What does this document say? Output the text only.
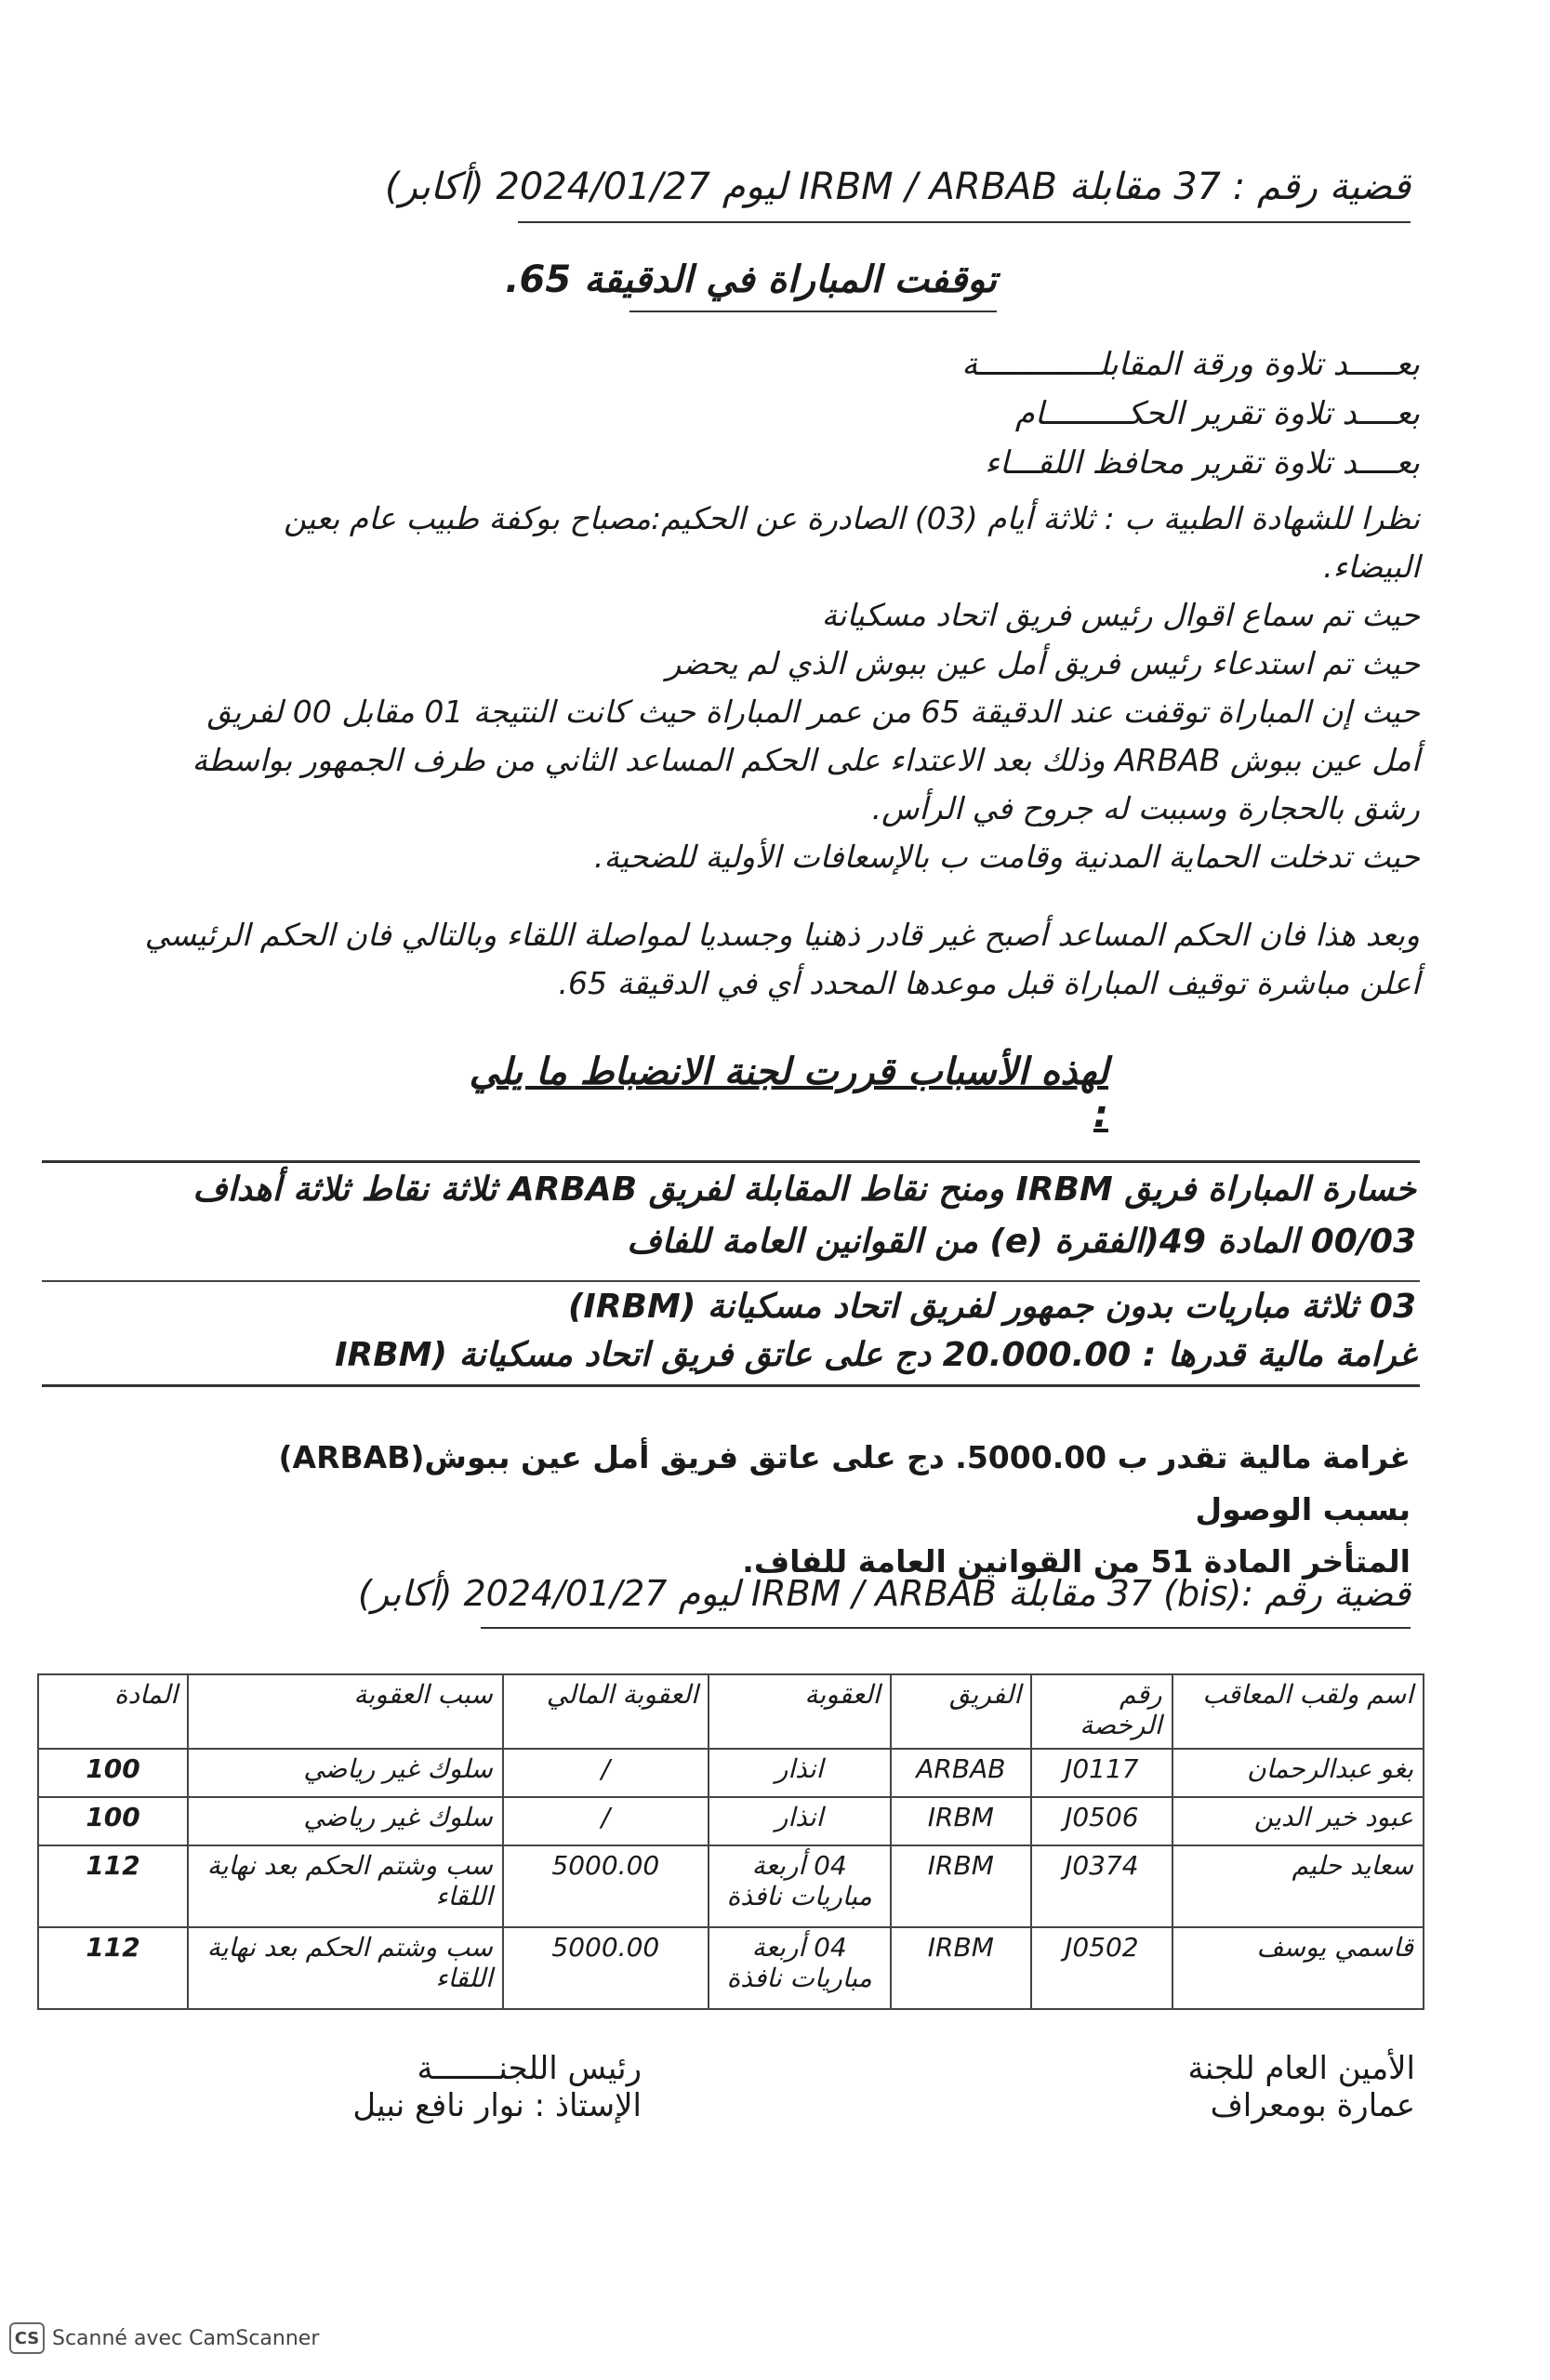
قضية رقم : 37 مقابلة IRBM / ARBAB ليوم 2024/01/27 (أكابر)
توقفت المباراة في الدقيقة 65.
بعـــــد تلاوة ورقة المقابلـــــــــــــة
بعــــد تلاوة تقرير الحكـــــــــام
بعــــد تلاوة تقرير محافظ اللقـــاء
نظرا للشهادة الطبية ب : ثلاثة أيام (03) الصادرة عن الحكيم:مصباح بوكفة طبيب عام بعين
البيضاء.
حيث تم سماع اقوال رئيس فريق اتحاد مسكيانة
حيث تم استدعاء رئيس فريق أمل عين ببوش الذي لم يحضر
حيث إن المباراة توقفت عند الدقيقة 65 من عمر المباراة حيث كانت النتيجة 01 مقابل 00 لفريق
أمل عين ببوش ARBAB وذلك بعد الاعتداء على الحكم المساعد الثاني من طرف الجمهور بواسطة
رشق بالحجارة وسببت له جروح في الرأس.
حيث تدخلت الحماية المدنية وقامت ب بالإسعافات الأولية للضحية.
وبعد هذا فان الحكم المساعد أصبح غير قادر ذهنيا وجسديا لمواصلة اللقاء وبالتالي فان الحكم الرئيسي
أعلن مباشرة توقيف المباراة قبل موعدها المحدد أي في الدقيقة 65.
لهذه الأسباب قررت لجنة الانضباط ما يلي :
خسارة المباراة فريق IRBM ومنح نقاط المقابلة لفريق ARBAB ثلاثة نقاط ثلاثة أهداف
00/03 المادة 49(الفقرة (e) من القوانين العامة للفاف
03 ثلاثة مباريات بدون جمهور لفريق اتحاد مسكيانة (IRBM)
غرامة مالية قدرها : 20.000.00 دج على عاتق فريق اتحاد مسكيانة (IRBM
غرامة مالية تقدر ب 5000.00. دج على عاتق فريق أمل عين ببوش(ARBAB) بسبب الوصول
المتأخر المادة 51 من القوانين العامة للفاف.
قضية رقم :(bis) 37 مقابلة IRBM / ARBAB ليوم 2024/01/27 (أكابر)
اسم ولقب المعاقب	رقم الرخصة	الفريق	العقوبة	العقوبة المالي	سبب العقوبة	المادة
بغو عبدالرحمان	J0117	ARBAB	انذار	/	سلوك غير رياضي	100
عبود خير الدين	J0506	IRBM	انذار	/	سلوك غير رياضي	100
سعايد حليم	J0374	IRBM	04 أربعة مباريات نافذة	5000.00	سب وشتم الحكم بعد نهاية اللقاء	112
قاسمي يوسف	J0502	IRBM	04 أربعة مباريات نافذة	5000.00	سب وشتم الحكم بعد نهاية اللقاء	112
الأمين العام للجنة
عمارة بومعراف
رئيس اللجنـــــــة
الإستاذ : نوار نافع نبيل
CS Scanné avec CamScanner
